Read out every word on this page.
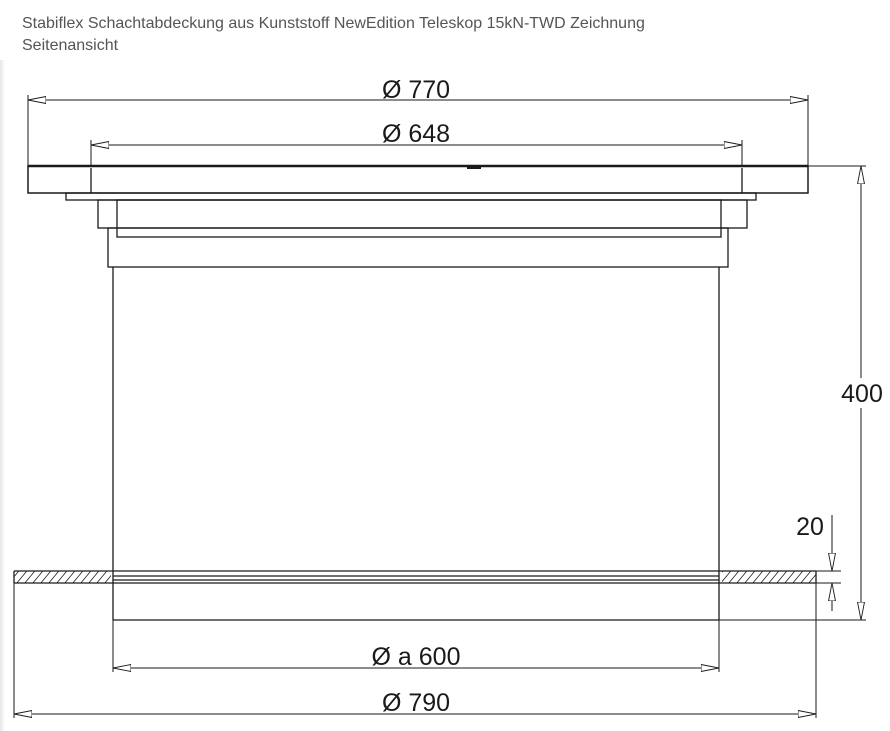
Stabiflex Schachtabdeckung aus Kunststoff NewEdition Teleskop 15kN-TWD Zeichnung
Seitenansicht
Ø 770
Ø 648
400
20
Ø a 600
Ø 790
